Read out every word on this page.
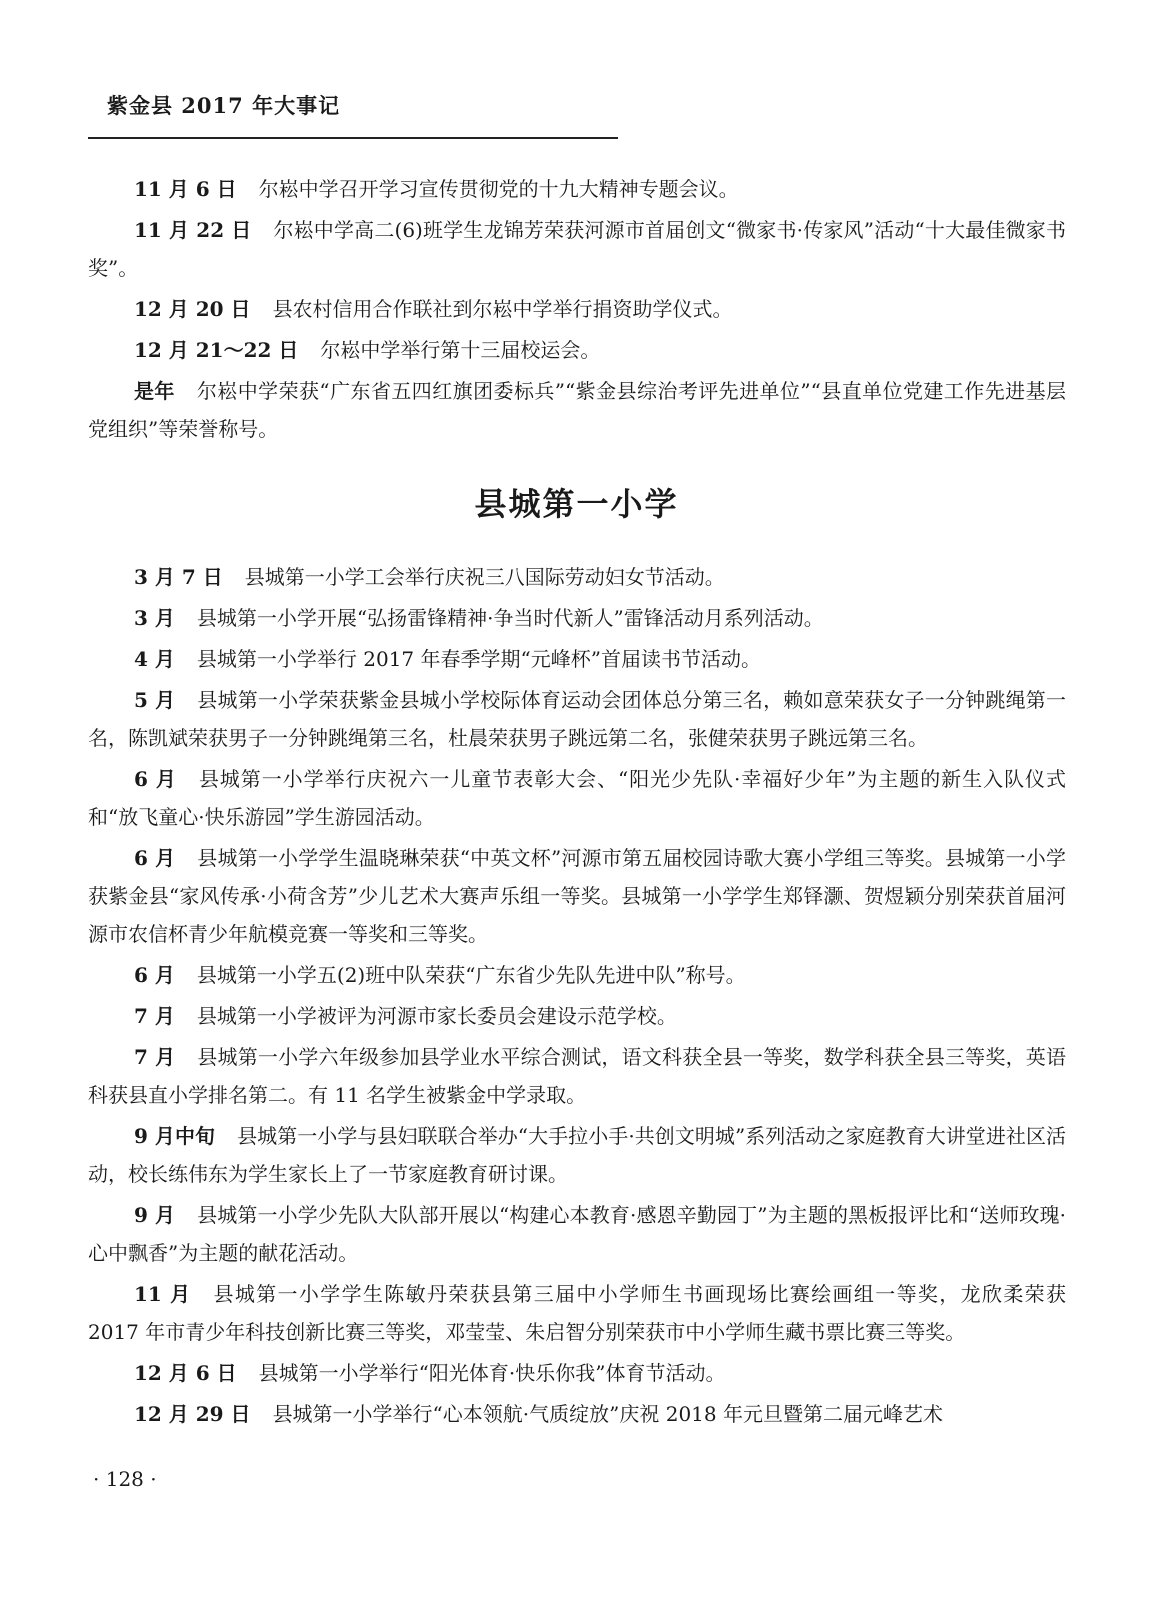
紫金县 2017 年大事记

11 月 6 日 尔崧中学召开学习宣传贯彻党的十九大精神专题会议。

11 月 22 日 尔崧中学高二(6)班学生龙锦芳荣获河源市首届创文“微家书·传家风”活动“十大最佳微家书奖”。

12 月 20 日 县农村信用合作联社到尔崧中学举行捐资助学仪式。

12 月 21～22 日 尔崧中学举行第十三届校运会。

是年 尔崧中学荣获“广东省五四红旗团委标兵”“紫金县综治考评先进单位”“县直单位党建工作先进基层党组织”等荣誉称号。

县城第一小学

3 月 7 日 县城第一小学工会举行庆祝三八国际劳动妇女节活动。

3 月 县城第一小学开展“弘扬雷锋精神·争当时代新人”雷锋活动月系列活动。

4 月 县城第一小学举行 2017 年春季学期“元峰杯”首届读书节活动。

5 月 县城第一小学荣获紫金县城小学校际体育运动会团体总分第三名，赖如意荣获女子一分钟跳绳第一名，陈凯斌荣获男子一分钟跳绳第三名，杜晨荣获男子跳远第二名，张健荣获男子跳远第三名。

6 月 县城第一小学举行庆祝六一儿童节表彰大会、“阳光少先队·幸福好少年”为主题的新生入队仪式和“放飞童心·快乐游园”学生游园活动。

6 月 县城第一小学学生温晓琳荣获“中英文杯”河源市第五届校园诗歌大赛小学组三等奖。县城第一小学获紫金县“家风传承·小荷含芳”少儿艺术大赛声乐组一等奖。县城第一小学学生郑铎灏、贺煜颖分别荣获首届河源市农信杯青少年航模竞赛一等奖和三等奖。

6 月 县城第一小学五(2)班中队荣获“广东省少先队先进中队”称号。

7 月 县城第一小学被评为河源市家长委员会建设示范学校。

7 月 县城第一小学六年级参加县学业水平综合测试，语文科获全县一等奖，数学科获全县三等奖，英语科获县直小学排名第二。有 11 名学生被紫金中学录取。

9 月中旬 县城第一小学与县妇联联合举办“大手拉小手·共创文明城”系列活动之家庭教育大讲堂进社区活动，校长练伟东为学生家长上了一节家庭教育研讨课。

9 月 县城第一小学少先队大队部开展以“构建心本教育·感恩辛勤园丁”为主题的黑板报评比和“送师玫瑰·心中飘香”为主题的献花活动。

11 月 县城第一小学学生陈敏丹荣获县第三届中小学师生书画现场比赛绘画组一等奖，龙欣柔荣获 2017 年市青少年科技创新比赛三等奖，邓莹莹、朱启智分别荣获市中小学师生藏书票比赛三等奖。

12 月 6 日 县城第一小学举行“阳光体育·快乐你我”体育节活动。

12 月 29 日 县城第一小学举行“心本领航·气质绽放”庆祝 2018 年元旦暨第二届元峰艺术

· 128 ·
